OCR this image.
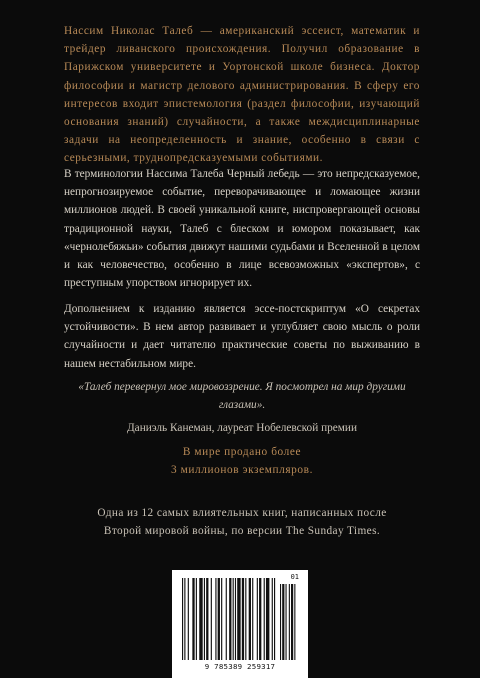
Нассим Николас Талеб — американский эссеист, математик и трейдер ливанского происхождения. Получил образование в Парижском университете и Уортонской школе бизнеса. Доктор философии и магистр делового администрирования. В сферу его интересов входит эпистемология (раздел философии, изучающий основания знаний) случайности, а также междисциплинарные задачи на неопределенность и знание, особенно в связи с серьезными, труднопредсказуемыми событиями.

В терминологии Нассима Талеба Черный лебедь — это непредсказуемое, непрогнозируемое событие, переворачивающее и ломающее жизни миллионов людей. В своей уникальной книге, ниспровергающей основы традиционной науки, Талеб с блеском и юмором показывает, как «чернолебяжьи» события движут нашими судьбами и Вселенной в целом и как человечество, особенно в лице всевозможных «экспертов», с преступным упорством игнорирует их.

Дополнением к изданию является эссе-постскриптум «О секретах устойчивости». В нем автор развивает и углубляет свою мысль о роли случайности и дает читателю практические советы по выживанию в нашем нестабильном мире.

«Талеб перевернул мое мировоззрение. Я посмотрел на мир другими глазами».
Даниэль Канеман, лауреат Нобелевской премии
В мире продано более
3 миллионов экземпляров.
Одна из 12 самых влиятельных книг, написанных после
Второй мировой войны, по версии The Sunday Times.
01
9 785389 259317
